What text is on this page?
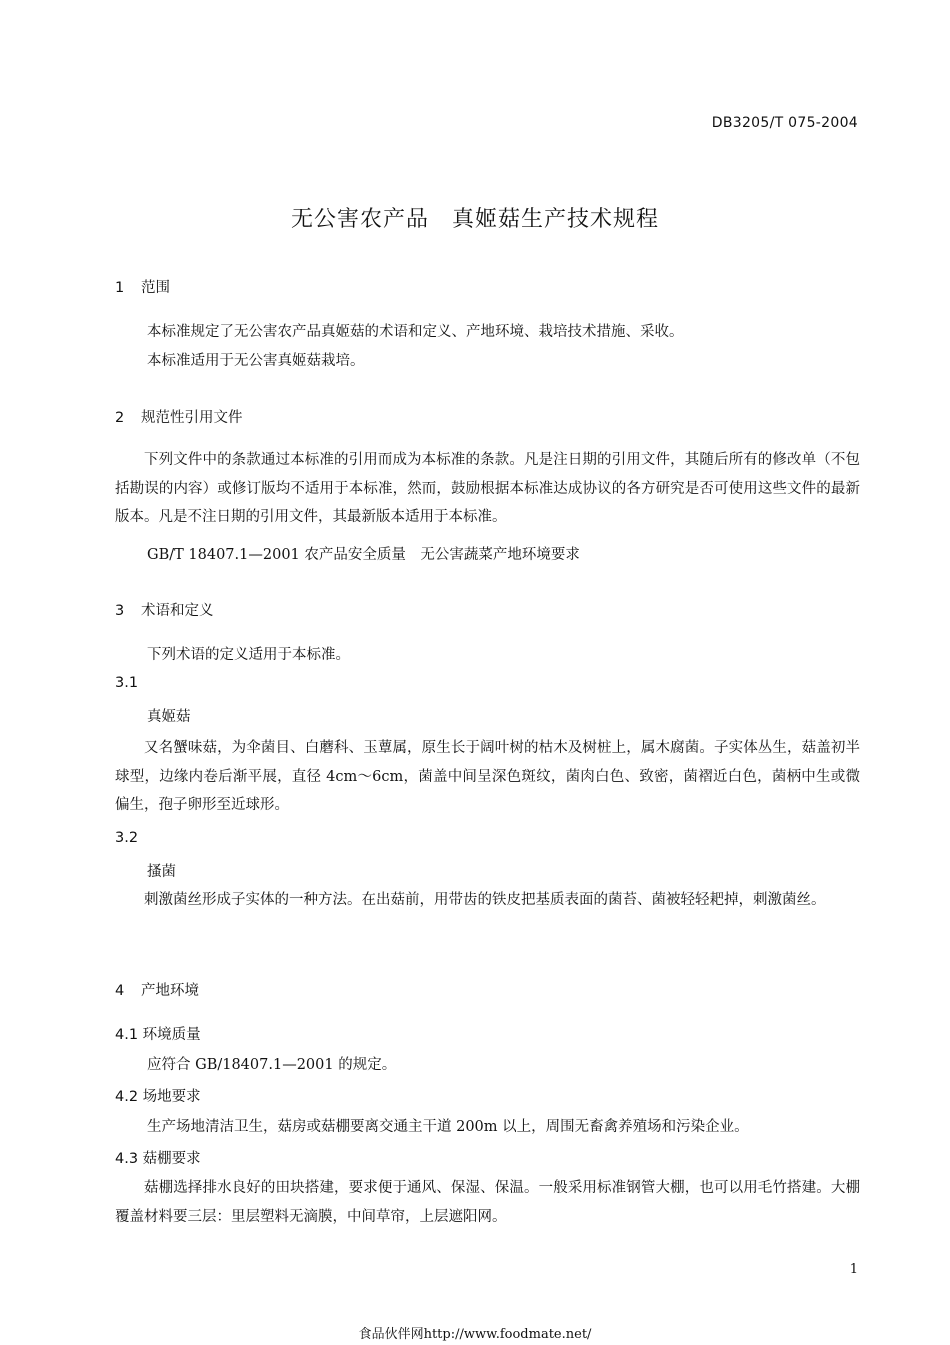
DB3205/T 075-2004
无公害农产品　真姬菇生产技术规程
1 范围
本标准规定了无公害农产品真姬菇的术语和定义、产地环境、栽培技术措施、采收。
本标准适用于无公害真姬菇栽培。
2 规范性引用文件
下列文件中的条款通过本标准的引用而成为本标准的条款。凡是注日期的引用文件，其随后所有的修改单（不包括勘误的内容）或修订版均不适用于本标准，然而，鼓励根据本标准达成协议的各方研究是否可使用这些文件的最新版本。凡是不注日期的引用文件，其最新版本适用于本标准。
GB/T 18407.1—2001 农产品安全质量　无公害蔬菜产地环境要求
3 术语和定义
下列术语的定义适用于本标准。
3.1
真姬菇
又名蟹味菇，为伞菌目、白蘑科、玉蕈属，原生长于阔叶树的枯木及树桩上，属木腐菌。子实体丛生，菇盖初半球型，边缘内卷后渐平展，直径 4cm～6cm，菌盖中间呈深色斑纹，菌肉白色、致密，菌褶近白色，菌柄中生或微偏生，孢子卵形至近球形。
3.2
搔菌
刺激菌丝形成子实体的一种方法。在出菇前，用带齿的铁皮把基质表面的菌苔、菌被轻轻耙掉，刺激菌丝。
4 产地环境
4.1 环境质量
应符合 GB/18407.1—2001 的规定。
4.2 场地要求
生产场地清洁卫生，菇房或菇棚要离交通主干道 200m 以上，周围无畜禽养殖场和污染企业。
4.3 菇棚要求
菇棚选择排水良好的田块搭建，要求便于通风、保湿、保温。一般采用标准钢管大棚，也可以用毛竹搭建。大棚覆盖材料要三层：里层塑料无滴膜，中间草帘，上层遮阳网。
1
食品伙伴网http://www.foodmate.net/
